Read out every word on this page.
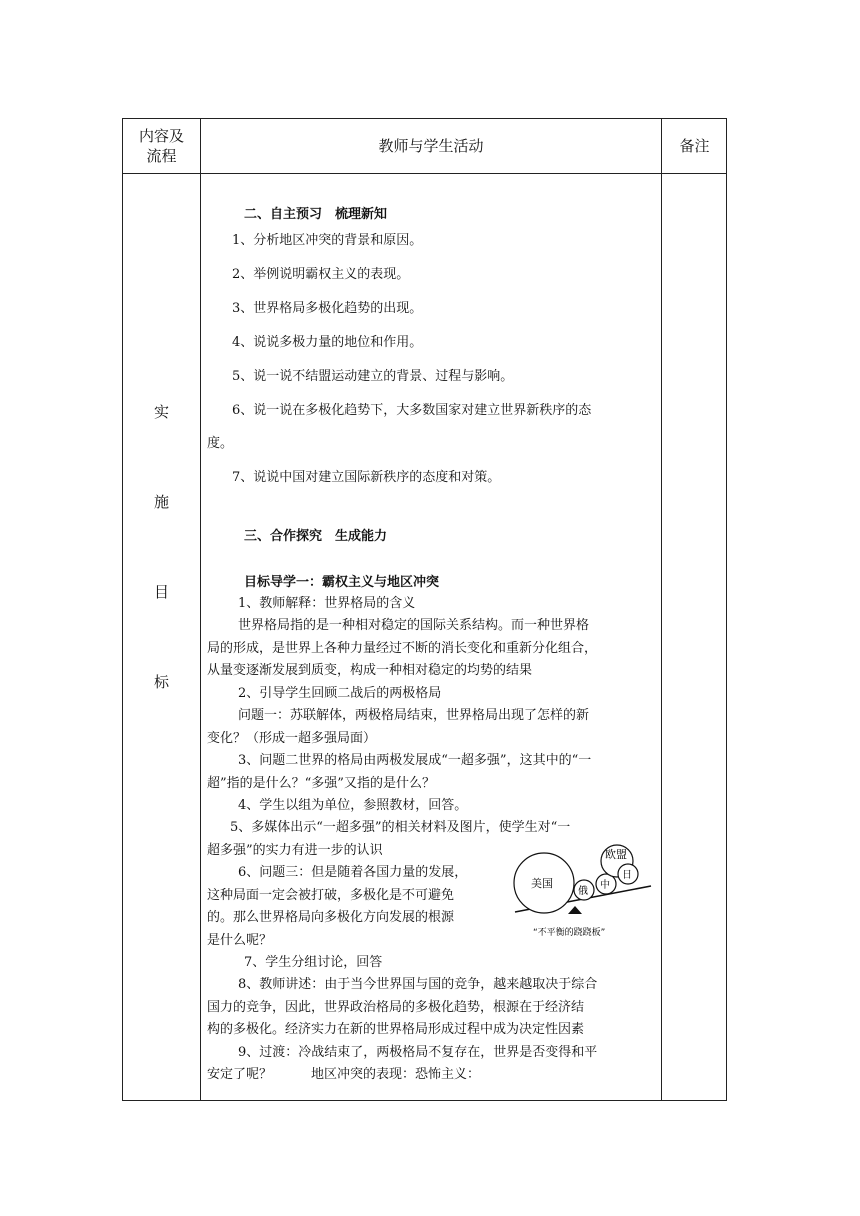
内容及
流程
教师与学生活动	备注
实
施
目
标
二、自主预习　梳理新知
1、分析地区冲突的背景和原因。
2、举例说明霸权主义的表现。
3、世界格局多极化趋势的出现。
4、说说多极力量的地位和作用。
5、说一说不结盟运动建立的背景、过程与影响。
6、说一说在多极化趋势下，大多数国家对建立世界新秩序的态
度。
7、说说中国对建立国际新秩序的态度和对策。
三、合作探究　生成能力
目标导学一：霸权主义与地区冲突
1、教师解释：世界格局的含义
世界格局指的是一种相对稳定的国际关系结构。而一种世界格
局的形成，是世界上各种力量经过不断的消长变化和重新分化组合，
从量变逐渐发展到质变，构成一种相对稳定的均势的结果
2、引导学生回顾二战后的两极格局
问题一：苏联解体，两极格局结束，世界格局出现了怎样的新
变化？（形成一超多强局面）
3、问题二世界的格局由两极发展成“一超多强”，这其中的“一
超”指的是什么？“多强”又指的是什么？
4、学生以组为单位，参照教材，回答。
5、多媒体出示“一超多强”的相关材料及图片，使学生对“一
超多强”的实力有进一步的认识
6、问题三：但是随着各国力量的发展，
这种局面一定会被打破，多极化是不可避免
的。那么世界格局向多极化方向发展的根源
是什么呢？
7、学生分组讨论，回答
8、教师讲述：由于当今世界国与国的竞争，越来越取决于综合
国力的竞争，因此，世界政治格局的多极化趋势，根源在于经济结
构的多极化。经济实力在新的世界格局形成过程中成为决定性因素
9、过渡：冷战结束了，两极格局不复存在，世界是否变得和平
安定了呢？　　　地区冲突的表现：恐怖主义：
美国
俄
中
欧盟
日
“不平衡的跷跷板”
